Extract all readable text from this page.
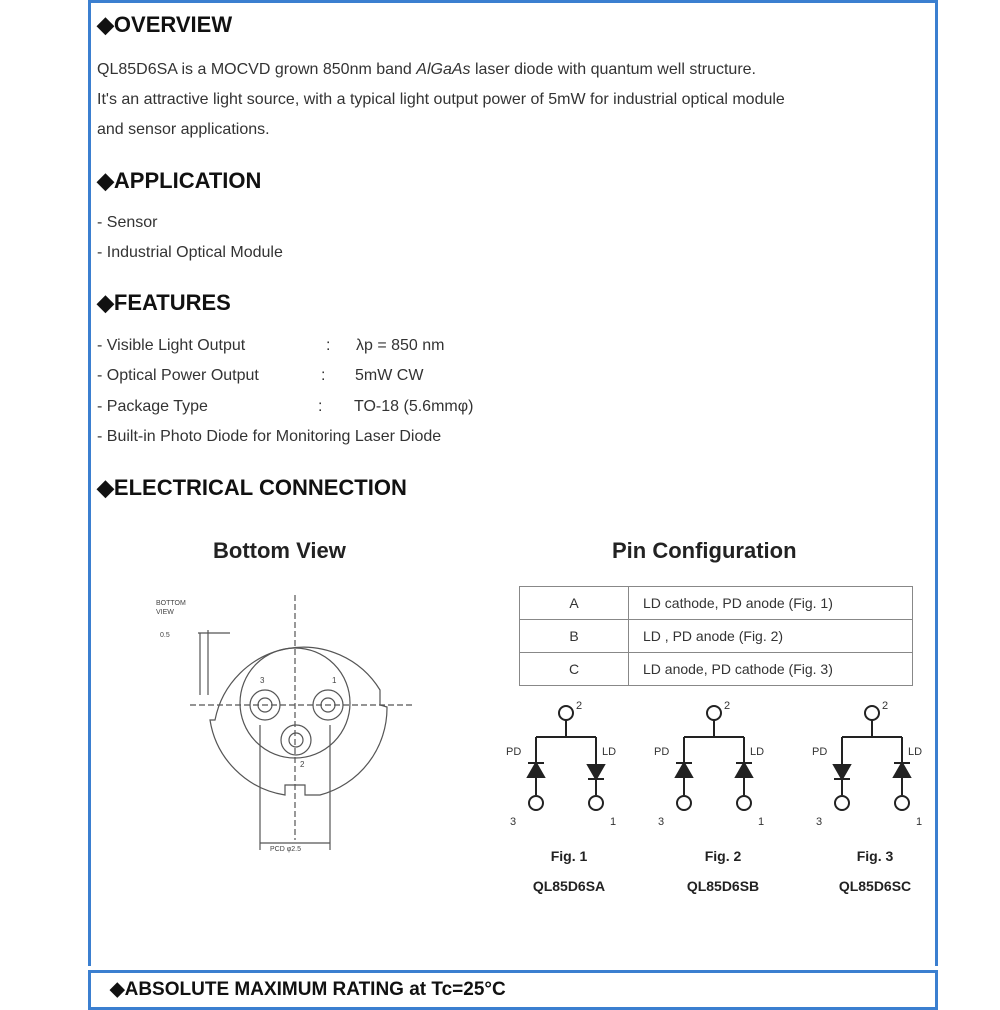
◆OVERVIEW
QL85D6SA is a MOCVD grown 850nm band AlGaAs laser diode with quantum well structure.
It's an attractive light source, with a typical light output power of 5mW for industrial optical module
and sensor applications.
◆APPLICATION
- Sensor
- Industrial Optical Module
◆FEATURES
- Visible Light Output	: λp = 850 nm
- Optical Power Output	: 5mW CW
- Package Type	: TO-18 (5.6mmφ)
- Built-in Photo Diode for Monitoring Laser Diode
◆ELECTRICAL CONNECTION
Bottom View	Pin Configuration
BOTTOM
VIEW
0.5
3	1
2
PCD φ2.5
A	LD cathode, PD anode (Fig. 1)
B	LD , PD anode (Fig. 2)
C	LD anode, PD cathode (Fig. 3)
2
PD	LD
3	1
2
PD	LD
3	1
2
PD	LD
3	1
Fig. 1
QL85D6SA
Fig. 2
QL85D6SB
Fig. 3
QL85D6SC
◆ABSOLUTE MAXIMUM RATING at Tc=25°C
